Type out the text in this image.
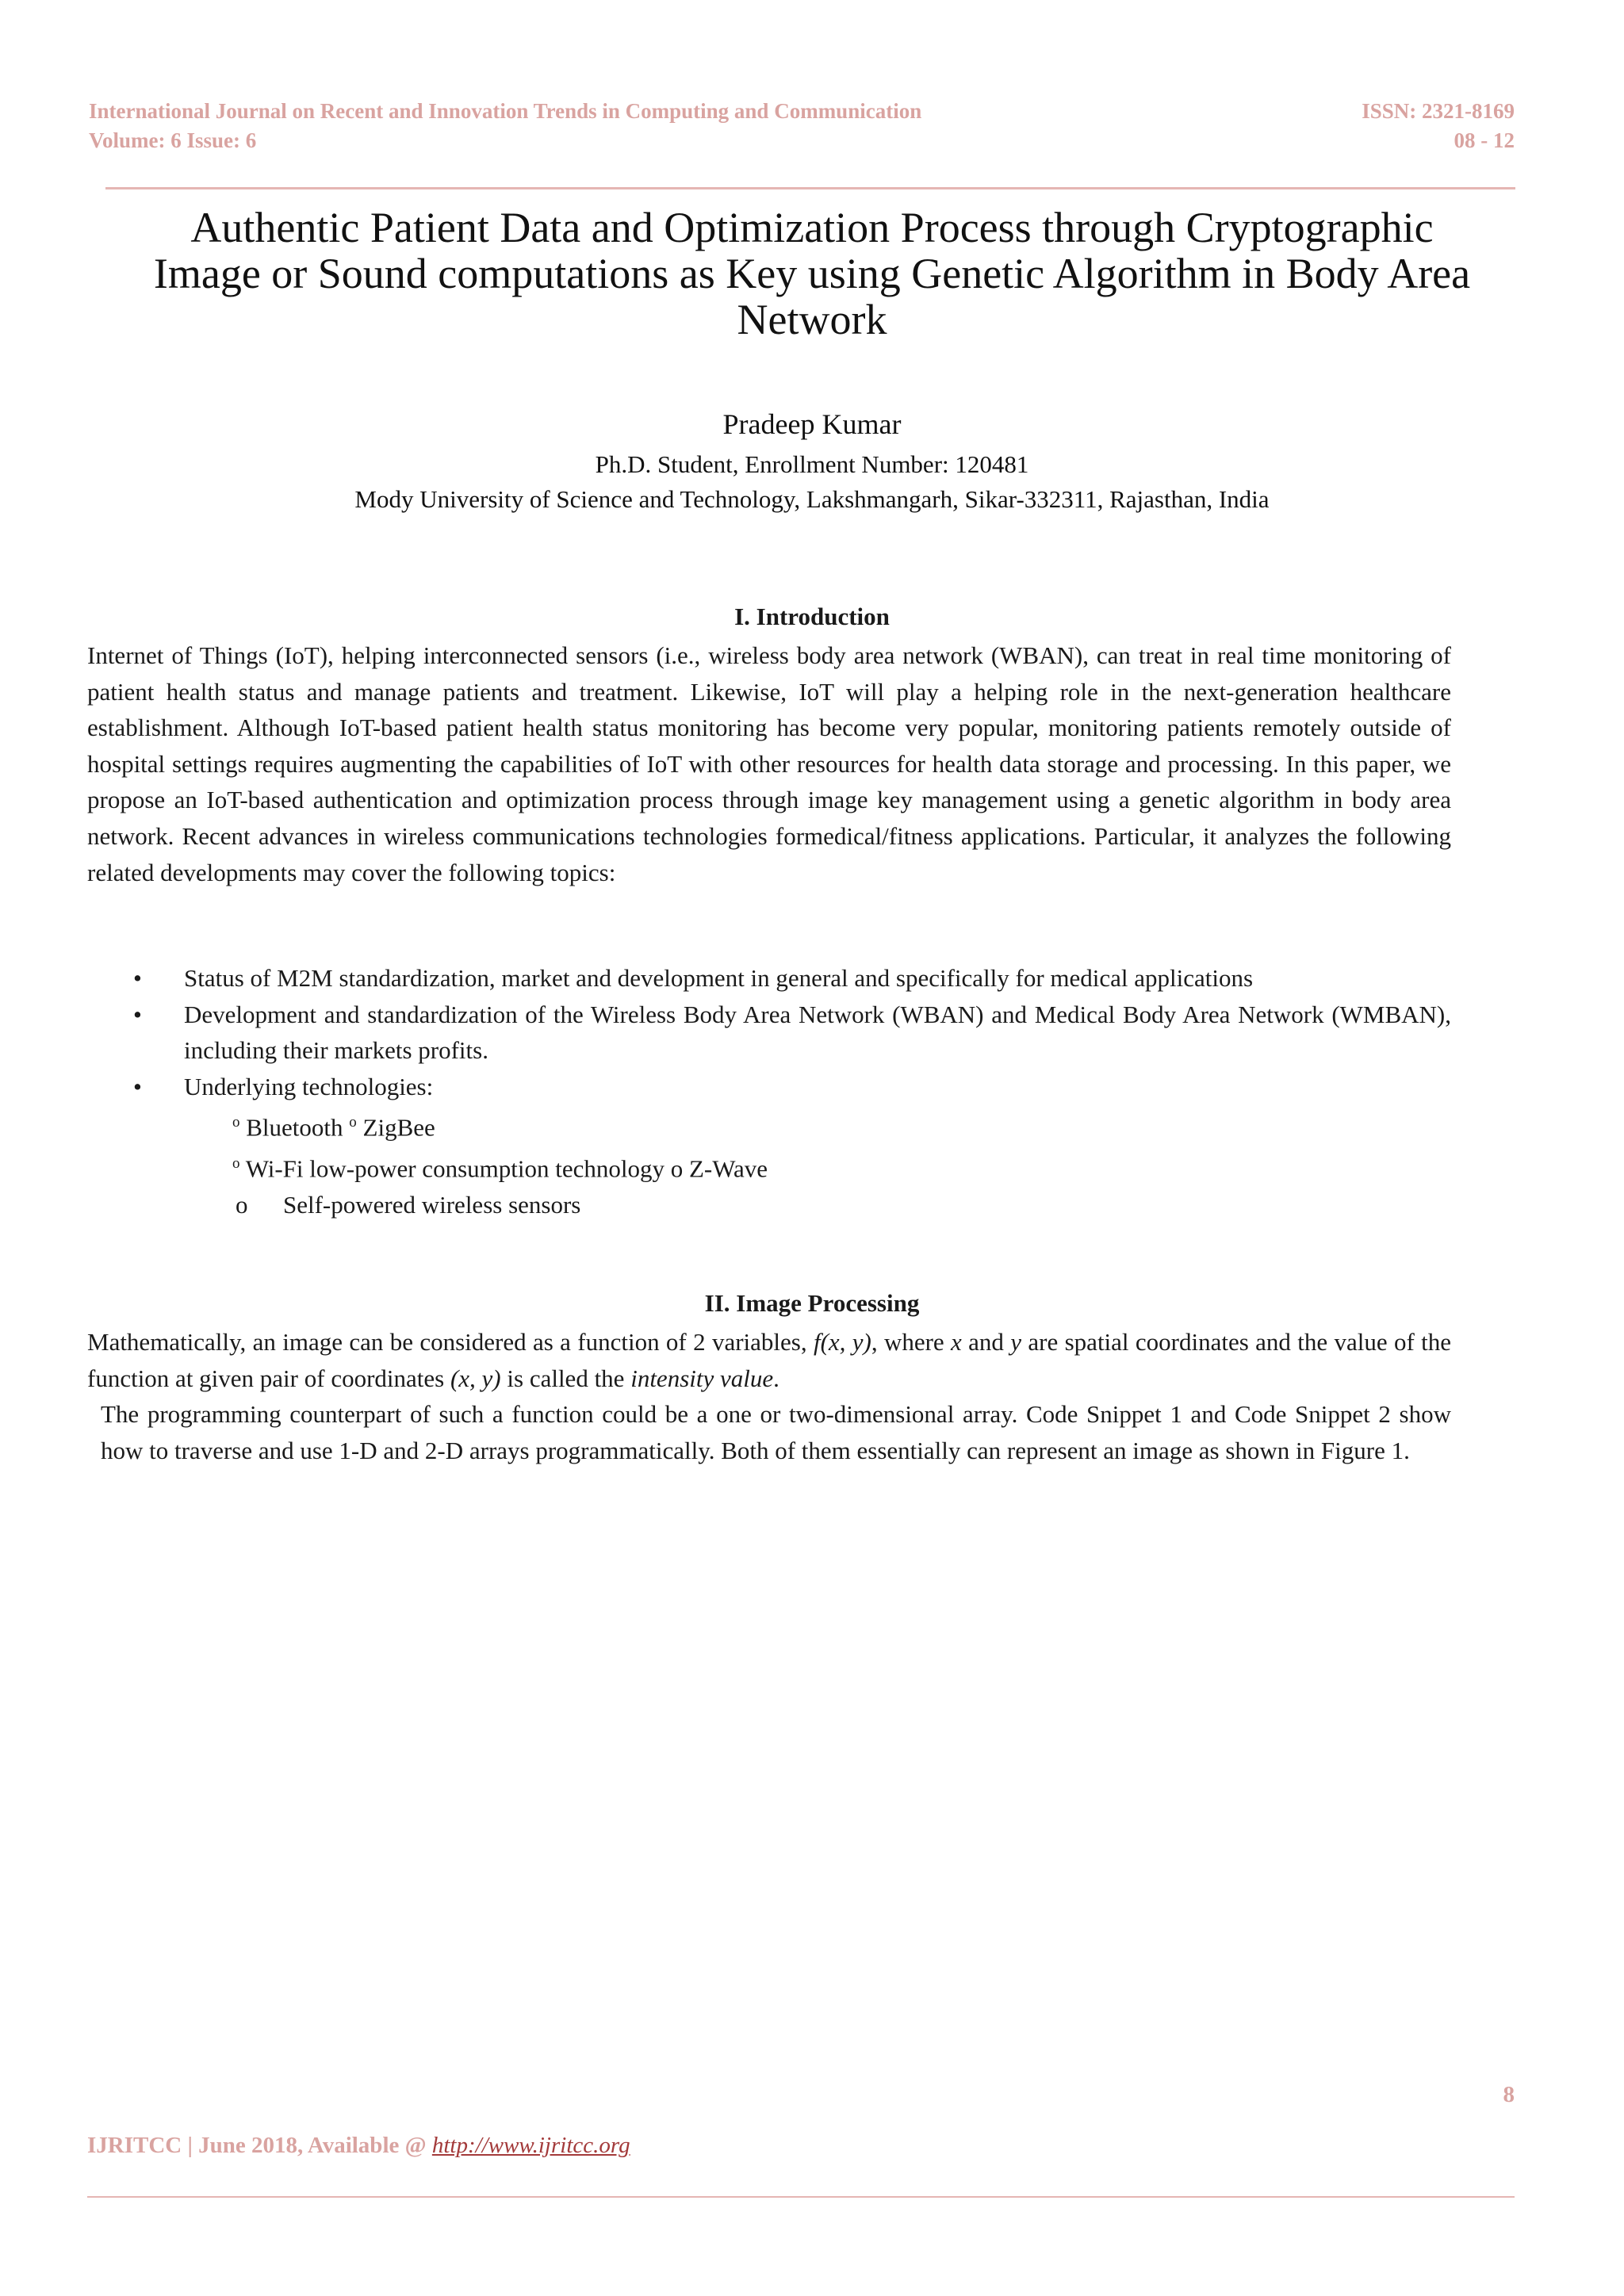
International Journal on Recent and Innovation Trends in Computing and Communication	ISSN: 2321-8169
Volume: 6 Issue: 6	08 - 12
Authentic Patient Data and Optimization Process through Cryptographic
Image or Sound computations as Key using Genetic Algorithm in Body Area
Network
Pradeep Kumar
Ph.D. Student, Enrollment Number: 120481
Mody University of Science and Technology, Lakshmangarh, Sikar-332311, Rajasthan, India
I. Introduction
Internet of Things (IoT), helping interconnected sensors (i.e., wireless body area network (WBAN), can treat in real time monitoring of patient health status and manage patients and treatment. Likewise, IoT will play a helping role in the next-generation healthcare establishment. Although IoT-based patient health status monitoring has become very popular, monitoring patients remotely outside of hospital settings requires augmenting the capabilities of IoT with other resources for health data storage and processing. In this paper, we propose an IoT-based authentication and optimization process through image key management using a genetic algorithm in body area network. Recent advances in wireless communications technologies formedical/fitness applications. Particular, it analyzes the following related developments may cover the following topics:
• Status of M2M standardization, market and development in general and specifically for medical applications
• Development and standardization of the Wireless Body Area Network (WBAN) and Medical Body Area Network (WMBAN), including their markets profits.
• Underlying technologies:
$^o$ Bluetooth $^o$ ZigBee
$^o$ Wi-Fi low-power consumption technology o Z-Wave
o Self-powered wireless sensors
II. Image Processing
Mathematically, an image can be considered as a function of 2 variables, f(x, y), where x and y are spatial coordinates and the value of the function at given pair of coordinates (x, y) is called the intensity value.
The programming counterpart of such a function could be a one or two-dimensional array. Code Snippet 1 and Code Snippet 2 show how to traverse and use 1-D and 2-D arrays programmatically. Both of them essentially can represent an image as shown in Figure 1.
8
IJRITCC | June 2018, Available @ http://www.ijritcc.org
